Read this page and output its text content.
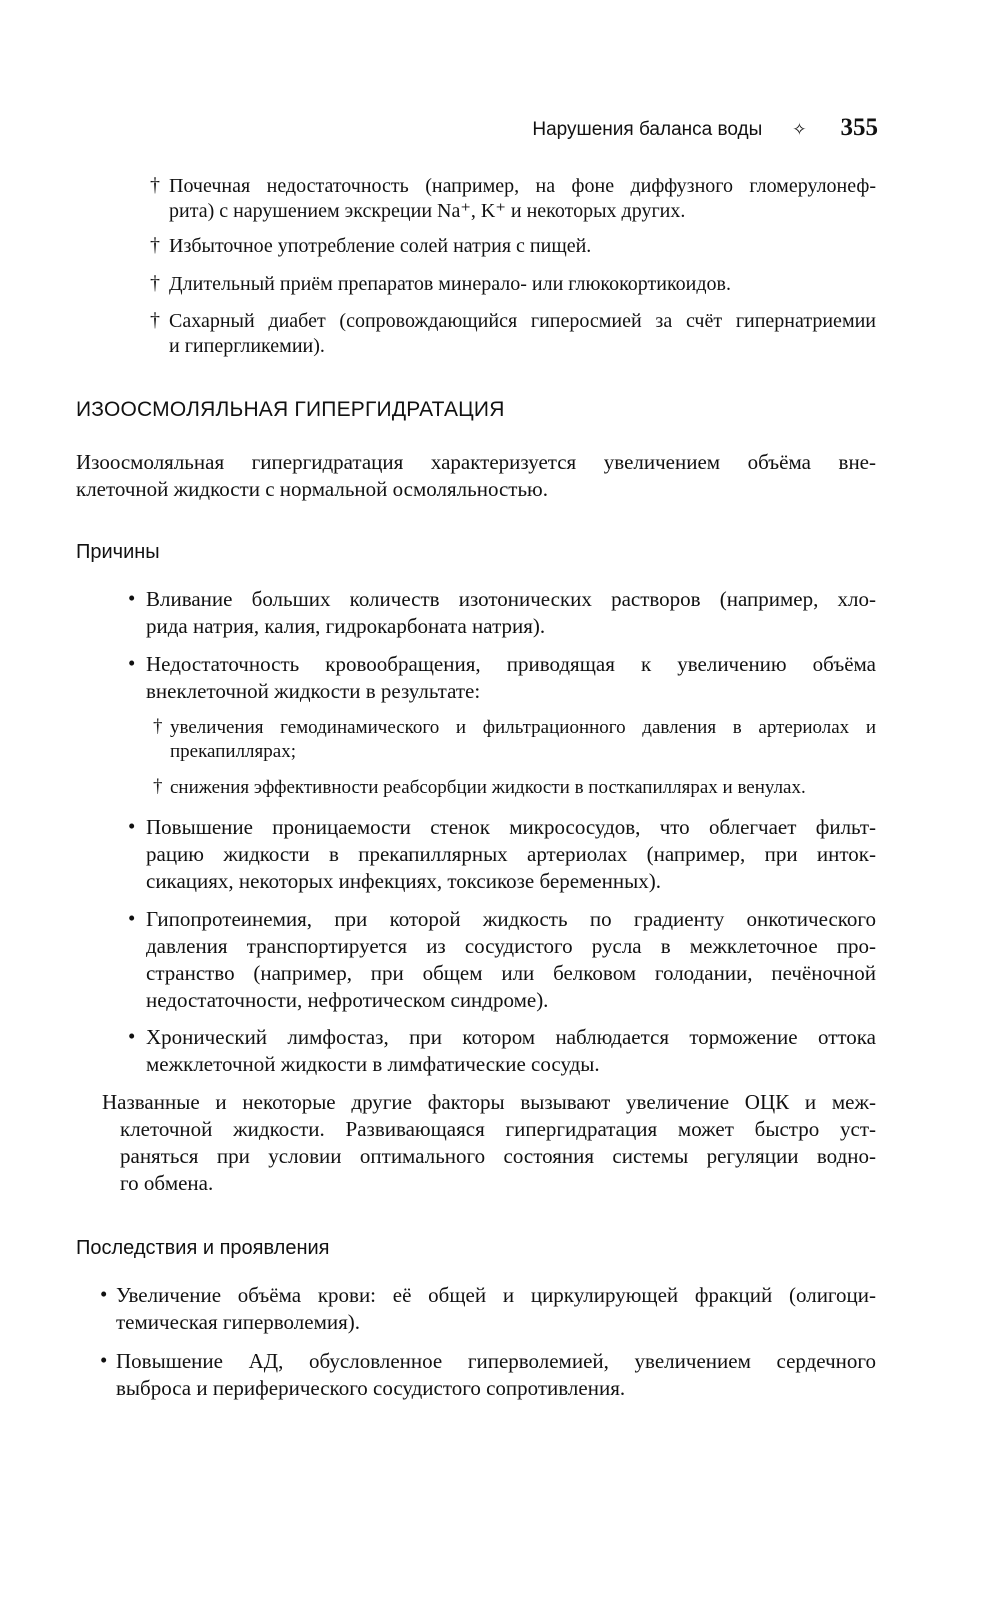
Нарушения баланса воды ✧ 355
† Почечная недостаточность (например, на фоне диффузного гломерулонеф-
рита) с нарушением экскреции Na⁺, K⁺ и некоторых других.
† Избыточное употребление солей натрия с пищей.
† Длительный приём препаратов минерало- или глюкокортикоидов.
† Сахарный диабет (сопровождающийся гиперосмией за счёт гипернатриемии
и гипергликемии).
ИЗООСМОЛЯЛЬНАЯ ГИПЕРГИДРАТАЦИЯ
Изоосмоляльная гипергидратация характеризуется увеличением объёма вне-
клеточной жидкости с нормальной осмоляльностью.
Причины
• Вливание больших количеств изотонических растворов (например, хло-
рида натрия, калия, гидрокарбоната натрия).
• Недостаточность кровообращения, приводящая к увеличению объёма
внеклеточной жидкости в результате:
† увеличения гемодинамического и фильтрационного давления в артериолах и
прекапиллярах;
† снижения эффективности реабсорбции жидкости в посткапиллярах и венулах.
• Повышение проницаемости стенок микрососудов, что облегчает фильт-
рацию жидкости в прекапиллярных артериолах (например, при инток-
сикациях, некоторых инфекциях, токсикозе беременных).
• Гипопротеинемия, при которой жидкость по градиенту онкотического
давления транспортируется из сосудистого русла в межклеточное про-
странство (например, при общем или белковом голодании, печёночной
недостаточности, нефротическом синдроме).
• Хронический лимфостаз, при котором наблюдается торможение оттока
межклеточной жидкости в лимфатические сосуды.
Названные и некоторые другие факторы вызывают увеличение ОЦК и меж-
клеточной жидкости. Развивающаяся гипергидратация может быстро уст-
раняться при условии оптимального состояния системы регуляции водно-
го обмена.
Последствия и проявления
• Увеличение объёма крови: её общей и циркулирующей фракций (олигоци-
темическая гиперволемия).
• Повышение АД, обусловленное гиперволемией, увеличением сердечного
выброса и периферического сосудистого сопротивления.
